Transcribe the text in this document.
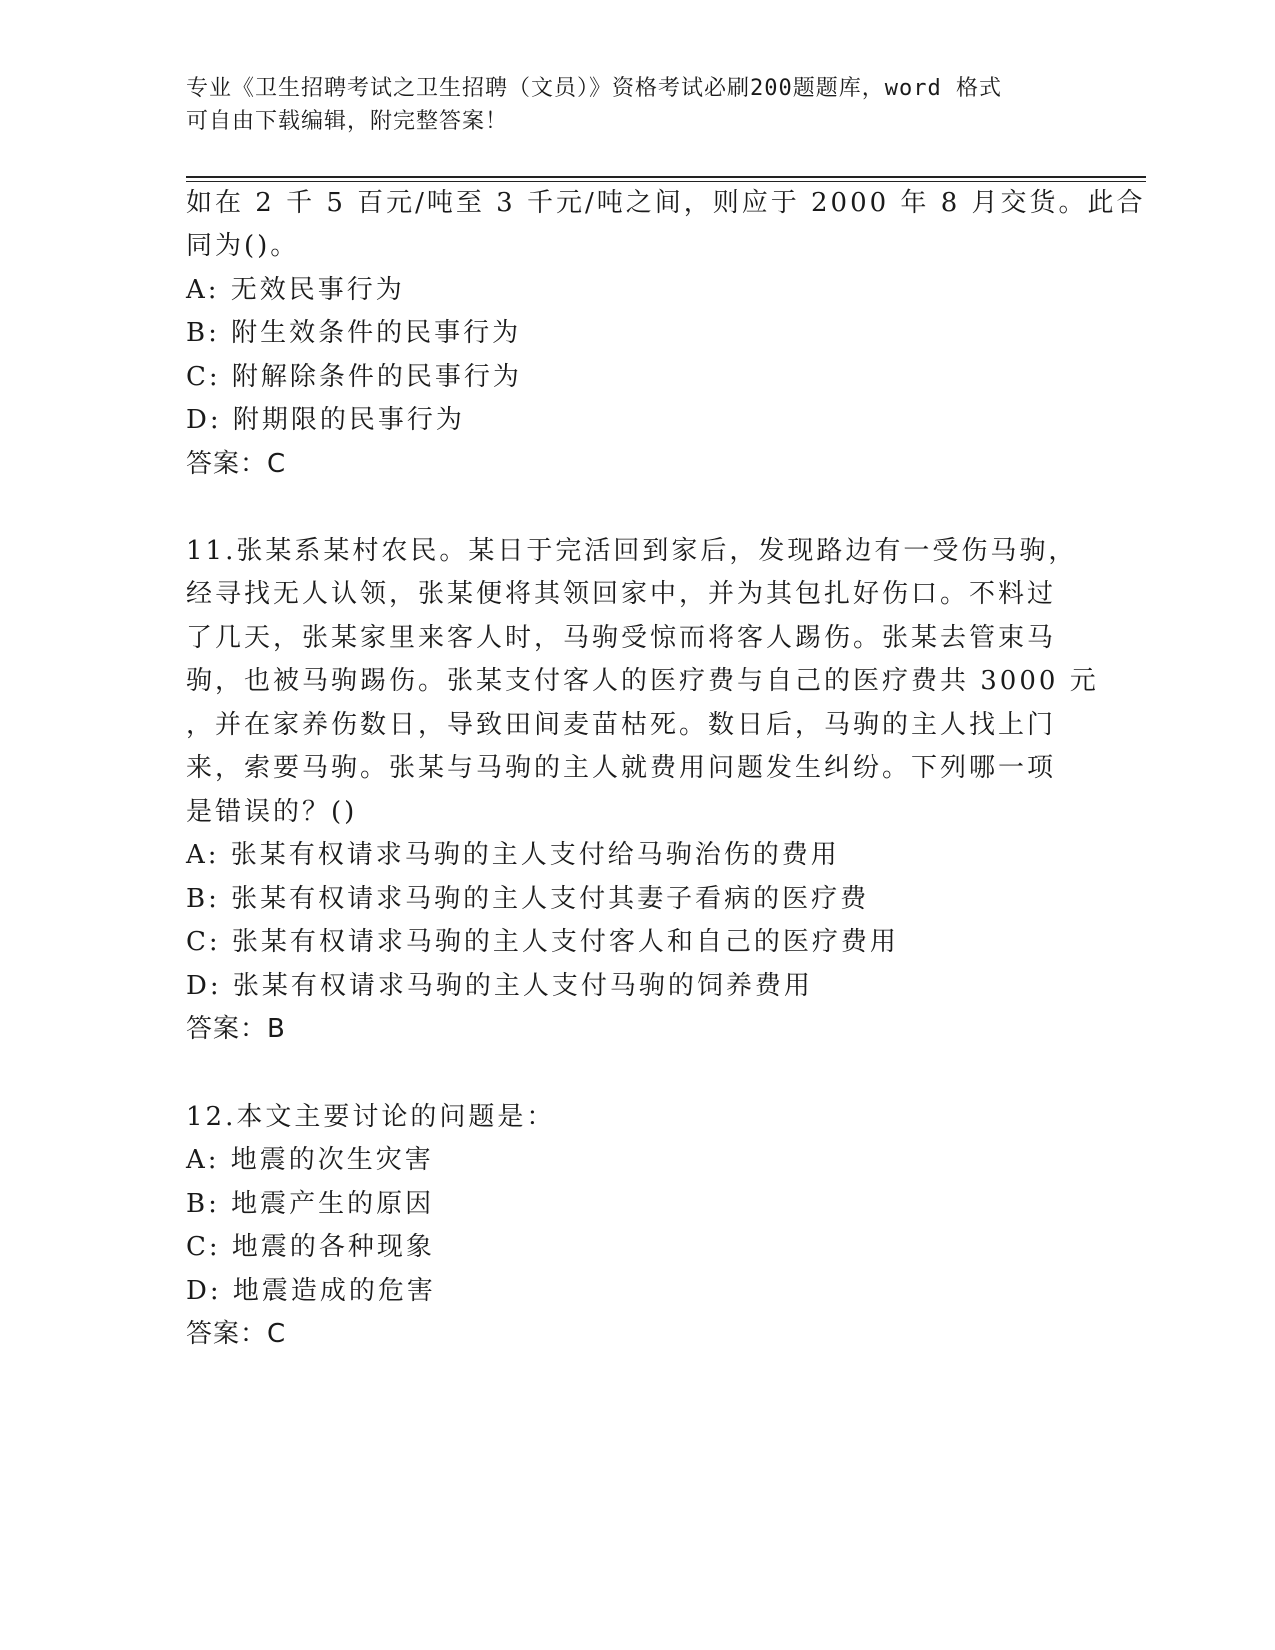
专业《卫生招聘考试之卫生招聘（文员）》资格考试必刷200题题库，word 格式
可自由下载编辑，附完整答案！
如在 2 千 5 百元/吨至 3 千元/吨之间，则应于 2000 年 8 月交货。此合
同为()。
A: 无效民事行为
B: 附生效条件的民事行为
C: 附解除条件的民事行为
D: 附期限的民事行为
答案：C
11.张某系某村农民。某日于完活回到家后，发现路边有一受伤马驹，
经寻找无人认领，张某便将其领回家中，并为其包扎好伤口。不料过
了几天，张某家里来客人时，马驹受惊而将客人踢伤。张某去管束马
驹，也被马驹踢伤。张某支付客人的医疗费与自己的医疗费共 3000 元
，并在家养伤数日，导致田间麦苗枯死。数日后，马驹的主人找上门
来，索要马驹。张某与马驹的主人就费用问题发生纠纷。下列哪一项
是错误的？()
A: 张某有权请求马驹的主人支付给马驹治伤的费用
B: 张某有权请求马驹的主人支付其妻子看病的医疗费
C: 张某有权请求马驹的主人支付客人和自己的医疗费用
D: 张某有权请求马驹的主人支付马驹的饲养费用
答案：B
12.本文主要讨论的问题是：
A: 地震的次生灾害
B: 地震产生的原因
C: 地震的各种现象
D: 地震造成的危害
答案：C
